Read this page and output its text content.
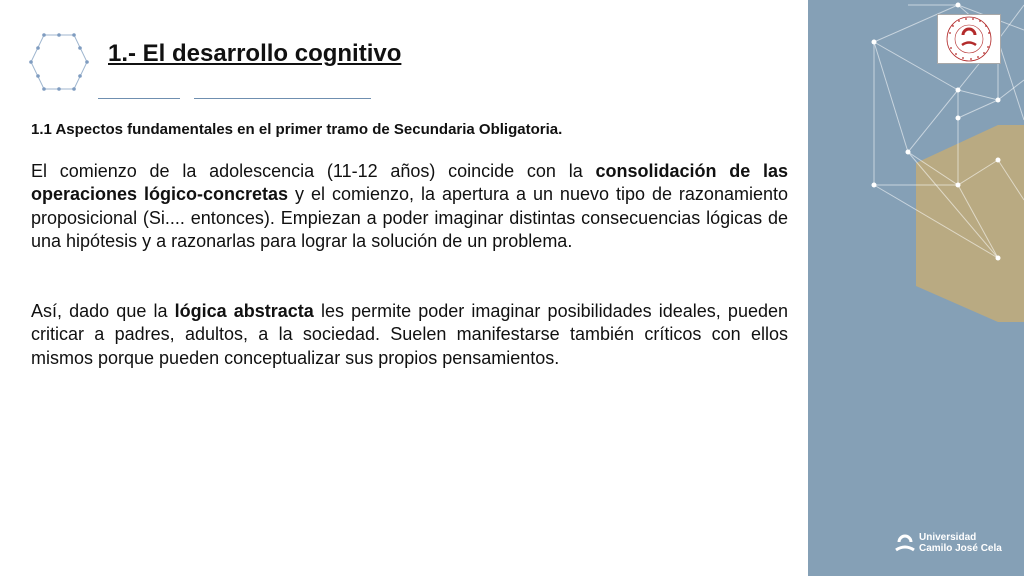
1.- El desarrollo cognitivo
1.1 Aspectos fundamentales en el primer tramo de Secundaria Obligatoria.

El comienzo de la adolescencia (11-12 años) coincide con la consolidación de las operaciones lógico-concretas y el comienzo, la apertura a un nuevo tipo de razonamiento proposicional (Si.... entonces). Empiezan a poder imaginar distintas consecuencias lógicas de una hipótesis y a razonarlas para lograr la solución de un problema.

Así, dado que la lógica abstracta les permite poder imaginar posibilidades ideales, pueden criticar a padres, adultos, a la sociedad. Suelen manifestarse también críticos con ellos mismos porque pueden conceptualizar sus propios pensamientos.

Universidad
Camilo José Cela
